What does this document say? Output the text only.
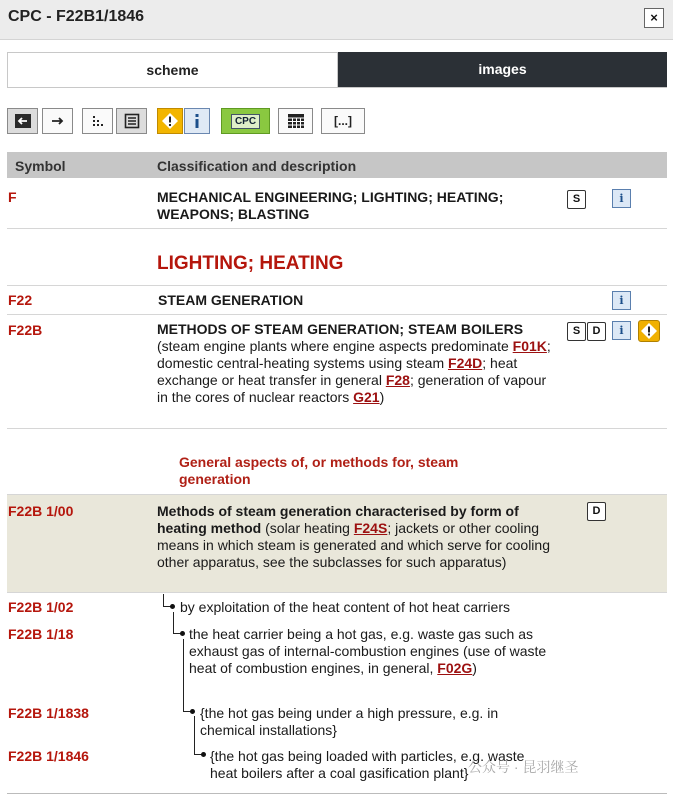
CPC - F22B1/1846	×
scheme	images
CPC	[...]
Symbol	Classification and description
F	MECHANICAL ENGINEERING; LIGHTING; HEATING; WEAPONS; BLASTING
S	i
LIGHTING; HEATING
F22	STEAM GENERATION	i
F22B	METHODS OF STEAM GENERATION; STEAM BOILERS (steam engine plants where engine aspects predominate F01K; domestic central-heating systems using steam F24D; heat exchange or heat transfer in general F28; generation of vapour in the cores of nuclear reactors G21)
S	D	i
General aspects of, or methods for, steam generation
F22B 1/00	Methods of steam generation characterised by form of heating method (solar heating F24S; jackets or other cooling means in which steam is generated and which serve for cooling other apparatus, see the subclasses for such apparatus)
D
F22B 1/02	by exploitation of the heat content of hot heat carriers
F22B 1/18	the heat carrier being a hot gas, e.g. waste gas such as exhaust gas of internal-combustion engines (use of waste heat of combustion engines, in general, F02G)
F22B 1/1838	{the hot gas being under a high pressure, e.g. in chemical installations}
F22B 1/1846	{the hot gas being loaded with particles, e.g. waste heat boilers after a coal gasification plant} 公众号 · 昆羽继圣
